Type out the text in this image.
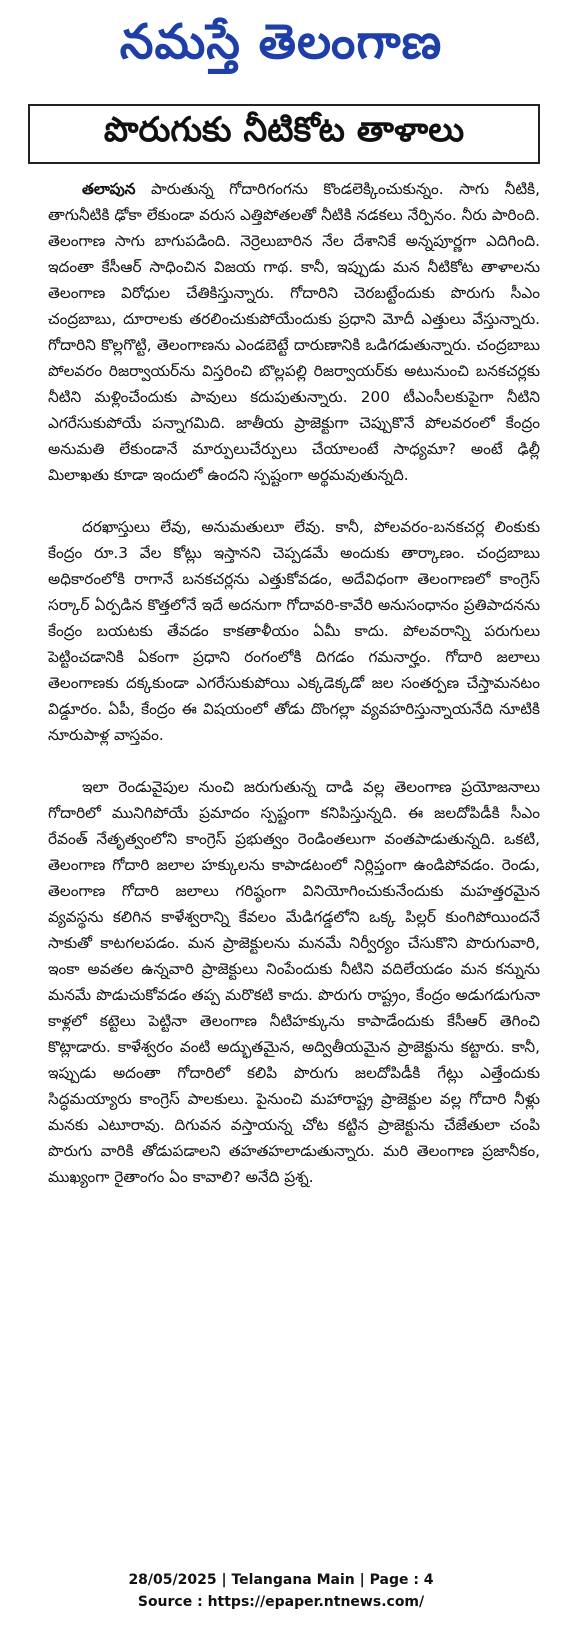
నమస్తే తెలంగాణ
పొరుగుకు నీటికోట తాళాలు

తలాపున పారుతున్న గోదారిగంగను కొండలెక్కించుకున్నం. సాగు నీటికి, తాగునీటికి ఢోకా లేకుండా వరుస ఎత్తిపోతలతో నీటికి నడకలు నేర్పినం. నీరు పారింది. తెలంగాణ సాగు బాగుపడింది. నెర్రెలుబారిన నేల దేశానికే అన్నపూర్ణగా ఎదిగింది. ఇదంతా కేసీఆర్ సాధించిన విజయ గాథ. కానీ, ఇప్పుడు మన నీటికోట తాళాలను తెలంగాణ విరోధుల చేతికిస్తున్నారు. గోదారిని చెరబట్టేందుకు పొరుగు సీఎం చంద్రబాబు, దూరాలకు తరలించుకుపోయేందుకు ప్రధాని మోదీ ఎత్తులు వేస్తున్నారు. గోదారిని కొల్లగొట్టి, తెలంగాణను ఎండబెట్టే దారుణానికి ఒడిగడుతున్నారు. చంద్రబాబు పోలవరం రిజర్వాయర్‌ను విస్తరించి బొల్లపల్లి రిజర్వాయర్‌కు అటునుంచి బనకచర్లకు నీటిని మళ్లించేందుకు పావులు కదుపుతున్నారు. 200 టీఎంసీలకుపైగా నీటిని ఎగరేసుకుపోయే పన్నాగమిది. జాతీయ ప్రాజెక్టుగా చెప్పుకొనే పోలవరంలో కేంద్రం అనుమతి లేకుండానే మార్పులుచేర్పులు చేయాలంటే సాధ్యమా? అంటే ఢిల్లీ మిలాఖతు కూడా ఇందులో ఉందని స్పష్టంగా అర్థమవుతున్నది.

దరఖాస్తులు లేవు, అనుమతులూ లేవు. కానీ, పోలవరం-బనకచర్ల లింకుకు కేంద్రం రూ.3 వేల కోట్లు ఇస్తానని చెప్పడమే అందుకు తార్కాణం. చంద్రబాబు అధికారంలోకి రాగానే బనకచర్లను ఎత్తుకోవడం, అదేవిధంగా తెలంగాణలో కాంగ్రెస్ సర్కార్ ఏర్పడిన కొత్తలోనే ఇదే అదనుగా గోదావరి-కావేరి అనుసంధానం ప్రతిపాదనను కేంద్రం బయటకు తేవడం కాకతాళీయం ఏమీ కాదు. పోలవరాన్ని పరుగులు పెట్టించడానికి ఏకంగా ప్రధాని రంగంలోకి దిగడం గమనార్హం. గోదారి జలాలు తెలంగాణకు దక్కకుండా ఎగరేసుకుపోయి ఎక్కడెక్కడో జల సంతర్పణ చేస్తామనటం విడ్డూరం. ఏపీ, కేంద్రం ఈ విషయంలో తోడు దొంగల్లా వ్యవహరిస్తున్నాయనేది నూటికి నూరుపాళ్ల వాస్తవం.

ఇలా రెండువైపుల నుంచి జరుగుతున్న దాడి వల్ల తెలంగాణ ప్రయోజనాలు గోదారిలో మునిగిపోయే ప్రమాదం స్పష్టంగా కనిపిస్తున్నది. ఈ జలదోపిడీకి సీఎం రేవంత్ నేతృత్వంలోని కాంగ్రెస్ ప్రభుత్వం రెండింతలుగా వంతపాడుతున్నది. ఒకటి, తెలంగాణ గోదారి జలాల హక్కులను కాపాడటంలో నిర్లిప్తంగా ఉండిపోవడం. రెండు, తెలంగాణ గోదారి జలాలు గరిష్ఠంగా వినియోగించుకునేందుకు మహత్తరమైన వ్యవస్థను కలిగిన కాళేశ్వరాన్ని కేవలం మేడిగడ్డలోని ఒక్క పిల్లర్ కుంగిపోయిందనే సాకుతో కాటగలపడం. మన ప్రాజెక్టులను మనమే నిర్వీర్యం చేసుకొని పొరుగువారి, ఇంకా అవతల ఉన్నవారి ప్రాజెక్టులు నింపేందుకు నీటిని వదిలేయడం మన కన్నును మనమే పొడుచుకోవడం తప్ప మరొకటి కాదు. పొరుగు రాష్ట్రం, కేంద్రం అడుగడుగునా కాళ్లలో కట్టెలు పెట్టినా తెలంగాణ నీటిహక్కును కాపాడేందుకు కేసీఆర్ తెగించి కొట్లాడారు. కాళేశ్వరం వంటి అద్భుతమైన, అద్వితీయమైన ప్రాజెక్టును కట్టారు. కానీ, ఇప్పుడు అదంతా గోదారిలో కలిపి పొరుగు జలదోపిడీకి గేట్లు ఎత్తేందుకు సిద్ధమయ్యారు కాంగ్రెస్ పాలకులు. పైనుంచి మహారాష్ట్ర ప్రాజెక్టుల వల్ల గోదారి నీళ్లు మనకు ఎటూరావు. దిగువన వస్తాయన్న చోట కట్టిన ప్రాజెక్టును చేజేతులా చంపి పొరుగు వారికి తోడుపడాలని తహతహలాడుతున్నారు. మరి తెలంగాణ ప్రజానీకం, ముఖ్యంగా రైతాంగం ఏం కావాలి? అనేది ప్రశ్న.

28/05/2025 | Telangana Main | Page : 4
Source : https://epaper.ntnews.com/
